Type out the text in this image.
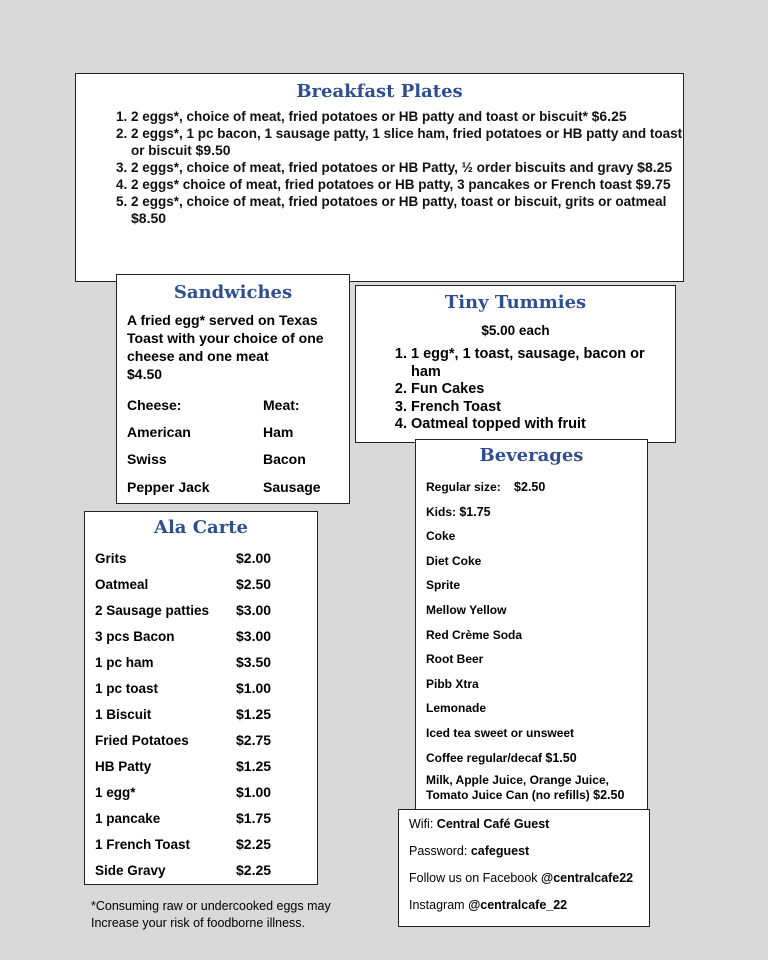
Breakfast Plates
1. 2 eggs*, choice of meat, fried potatoes or HB patty and toast or biscuit* $6.25
2. 2 eggs*, 1 pc bacon, 1 sausage patty, 1 slice ham, fried potatoes or HB patty and toast or biscuit $9.50
3. 2 eggs*, choice of meat, fried potatoes or HB Patty, ½ order biscuits and gravy $8.25
4. 2 eggs* choice of meat, fried potatoes or HB patty, 3 pancakes or French toast $9.75
5. 2 eggs*, choice of meat, fried potatoes or HB patty, toast or biscuit, grits or oatmeal $8.50
Sandwiches
A fried egg* served on Texas Toast with your choice of one cheese and one meat
$4.50
Cheese:	Meat:
American	Ham
Swiss	Bacon
Pepper Jack	Sausage
Tiny Tummies
$5.00 each
1. 1 egg*, 1 toast, sausage, bacon or ham
2. Fun Cakes
3. French Toast
4. Oatmeal topped with fruit
Beverages
Regular size: $2.50
Kids: $1.75
Coke
Diet Coke
Sprite
Mellow Yellow
Red Crème Soda
Root Beer
Pibb Xtra
Lemonade
Iced tea sweet or unsweet
Coffee regular/decaf $1.50
Milk, Apple Juice, Orange Juice, Tomato Juice Can (no refills) $2.50
Ala Carte
Grits	$2.00
Oatmeal	$2.50
2 Sausage patties	$3.00
3 pcs Bacon	$3.00
1 pc ham	$3.50
1 pc toast	$1.00
1 Biscuit	$1.25
Fried Potatoes	$2.75
HB Patty	$1.25
1 egg*	$1.00
1 pancake	$1.75
1 French Toast	$2.25
Side Gravy	$2.25
Wifi: Central Café Guest
Password: cafeguest
Follow us on Facebook @centralcafe22
Instagram @centralcafe_22
*Consuming raw or undercooked eggs may
Increase your risk of foodborne illness.
